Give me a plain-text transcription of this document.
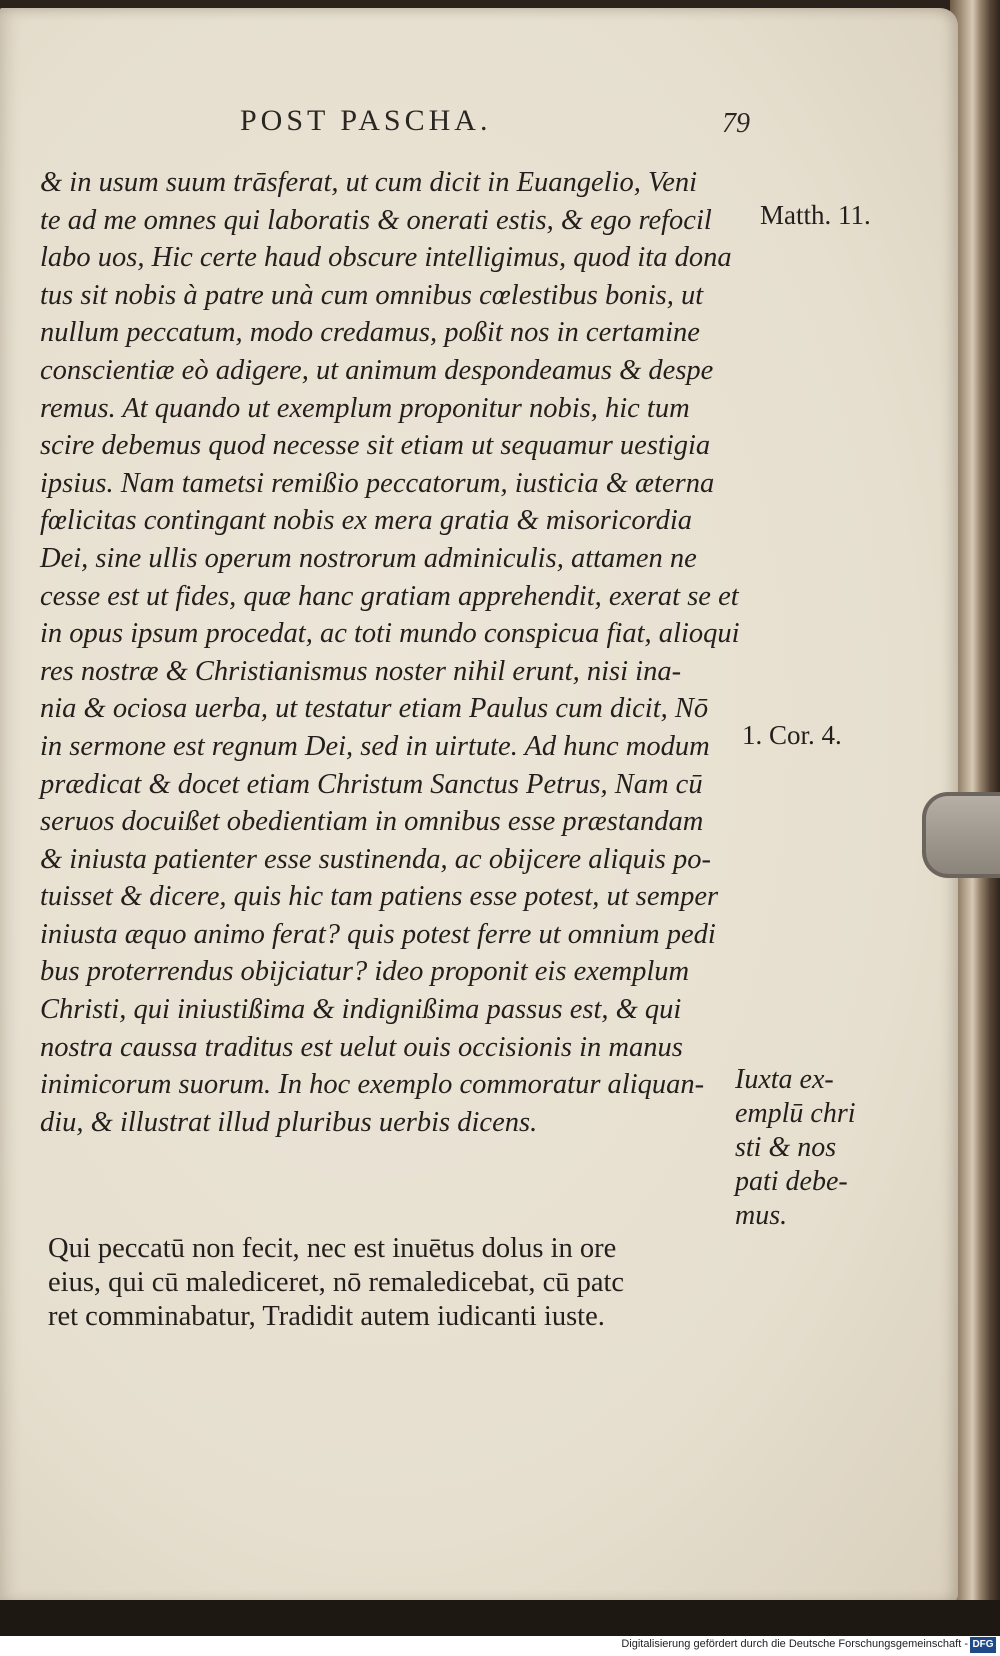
POST PASCHA.	79
& in usum suum trāsferat, ut cum dicit in Euangelio, Veni
te ad me omnes qui laboratis & onerati estis, & ego refocil
labo uos, Hic certe haud obscure intelligimus, quod ita dona
tus sit nobis à patre unà cum omnibus cœlestibus bonis, ut
nullum peccatum, modo credamus, poßit nos in certamine
conscientiæ eò adigere, ut animum despondeamus & despe
remus. At quando ut exemplum proponitur nobis, hic tum
scire debemus quod necesse sit etiam ut sequamur uestigia
ipsius. Nam tametsi remißio peccatorum, iusticia & æterna
fœlicitas contingant nobis ex mera gratia & misoricordia
Dei, sine ullis operum nostrorum adminiculis, attamen ne
cesse est ut fides, quæ hanc gratiam apprehendit, exerat se et
in opus ipsum procedat, ac toti mundo conspicua fiat, alioqui
res nostræ & Christianismus noster nihil erunt, nisi ina-
nia & ociosa uerba, ut testatur etiam Paulus cum dicit, Nō
in sermone est regnum Dei, sed in uirtute. Ad hunc modum
prædicat & docet etiam Christum Sanctus Petrus, Nam cū
seruos docuißet obedientiam in omnibus esse præstandam
& iniusta patienter esse sustinenda, ac obijcere aliquis po-
tuisset & dicere, quis hic tam patiens esse potest, ut semper
iniusta æquo animo ferat? quis potest ferre ut omnium pedi
bus proterrendus obijciatur? ideo proponit eis exemplum
Christi, qui iniustißima & indignißima passus est, & qui
nostra caussa traditus est uelut ouis occisionis in manus
inimicorum suorum. In hoc exemplo commoratur aliquan-
diu, & illustrat illud pluribus uerbis dicens.
Qui peccatū non fecit, nec est inuētus dolus in ore
eius, qui cū malediceret, nō remaledicebat, cū patc
ret comminabatur, Tradidit autem iudicanti iuste.
Matth. 11.
1. Cor. 4.
Iuxta ex-
emplū chri
sti & nos
pati debe-
mus.
Digitalisierung gefördert durch die Deutsche Forschungsgemeinschaft - DFG
